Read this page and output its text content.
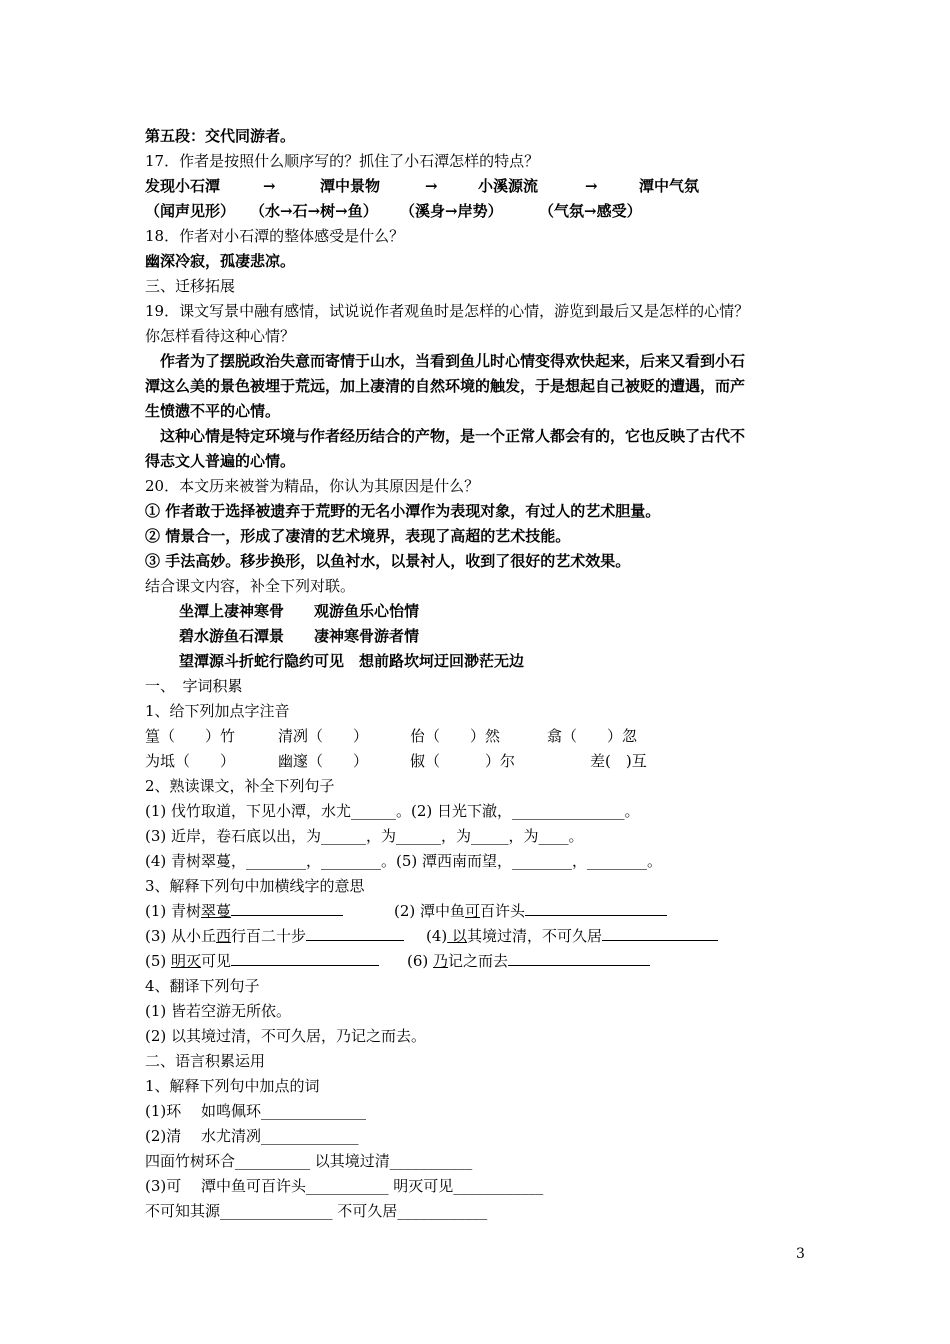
第五段：交代同游者。
17．作者是按照什么顺序写的？抓住了小石潭怎样的特点？
发现小石潭	→	潭中景物	→	小溪源流	→	潭中气氛
（闻声见形） （水→石→树→鱼） （溪身→岸势） （气氛→感受）
18．作者对小石潭的整体感受是什么？
幽深冷寂，孤凄悲凉。
三、迁移拓展
19．课文写景中融有感情，试说说作者观鱼时是怎样的心情，游览到最后又是怎样的心情？
你怎样看待这种心情？
作者为了摆脱政治失意而寄情于山水，当看到鱼儿时心情变得欢快起来，后来又看到小石
潭这么美的景色被埋于荒远，加上凄清的自然环境的触发，于是想起自己被贬的遭遇，而产
生愤懑不平的心情。
这种心情是特定环境与作者经历结合的产物，是一个正常人都会有的，它也反映了古代不
得志文人普遍的心情。
20．本文历来被誉为精品，你认为其原因是什么？
① 作者敢于选择被遗弃于荒野的无名小潭作为表现对象，有过人的艺术胆量。
② 情景合一，形成了凄清的艺术境界，表现了高超的艺术技能。
③ 手法高妙。移步换形，以鱼衬水，以景衬人，收到了很好的艺术效果。
结合课文内容，补全下列对联。
坐潭上凄神寒骨　　观游鱼乐心怡情
碧水游鱼石潭景　　凄神寒骨游者情
望潭源斗折蛇行隐约可见　想前路坎坷迂回渺茫无边
一、　字词积累
1、给下列加点字注音
篁（　　）竹	清冽（　　）	佁（　　）然	翕（　　）忽
为坻（　　）	幽邃（　　）	俶（　　　）尔	差(　)互
2、熟读课文，补全下列句子
(1) 伐竹取道，下见小潭，水尤______。(2) 日光下澈，_______________。
(3) 近岸，卷石底以出，为______，为______，为_____，为____。
(4) 青树翠蔓，________，________。(5) 潭西南而望，________，________。
3、解释下列句中加横线字的意思
(1) 青树翠蔓	(2) 潭中鱼可百许头
(3) 从小丘西行百二十步	(4) 以其境过清，不可久居
(5) 明灭可见	(6) 乃记之而去
4、翻译下列句子
(1) 皆若空游无所依。
(2) 以其境过清，不可久居，乃记之而去。
二、语言积累运用
1、解释下列句中加点的词
(1)环　 如鸣佩环______________
(2)清　 水尤清冽_____________
四面竹树环合__________ 以其境过清___________
(3)可　 潭中鱼可百许头___________ 明灭可见____________
不可知其源_______________ 不可久居____________
3
